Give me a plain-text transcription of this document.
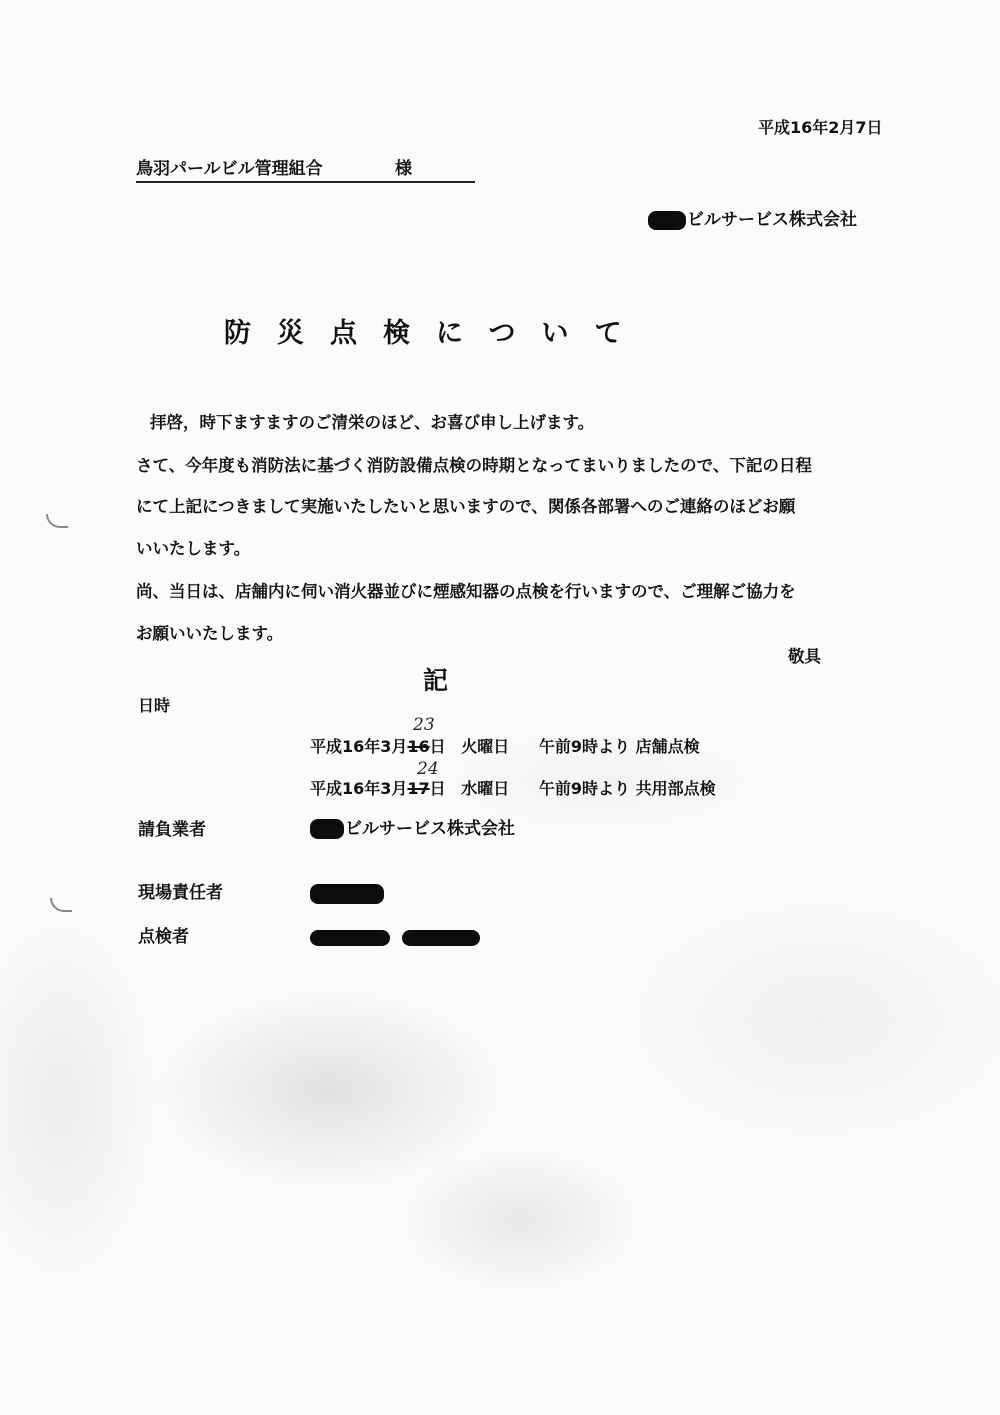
平成16年2月7日
鳥羽パールビル管理組合	様
ビルサービス株式会社
防災点検について
拝啓，時下ますますのご清栄のほど、お喜び申し上げます。
さて、今年度も消防法に基づく消防設備点検の時期となってまいりましたので、下記の日程
にて上記につきまして実施いたしたいと思いますので、関係各部署へのご連絡のほどお願
いいたします。
尚、当日は、店舗内に伺い消火器並びに煙感知器の点検を行いますので、ご理解ご協力を
お願いいたします。
敬具
記
日時
23
平成16年3月16日 火曜日 午前9時より 店舗点検
24
平成16年3月17日 水曜日 午前9時より 共用部点検
請負業者	ビルサービス株式会社
現場責任者
点検者
